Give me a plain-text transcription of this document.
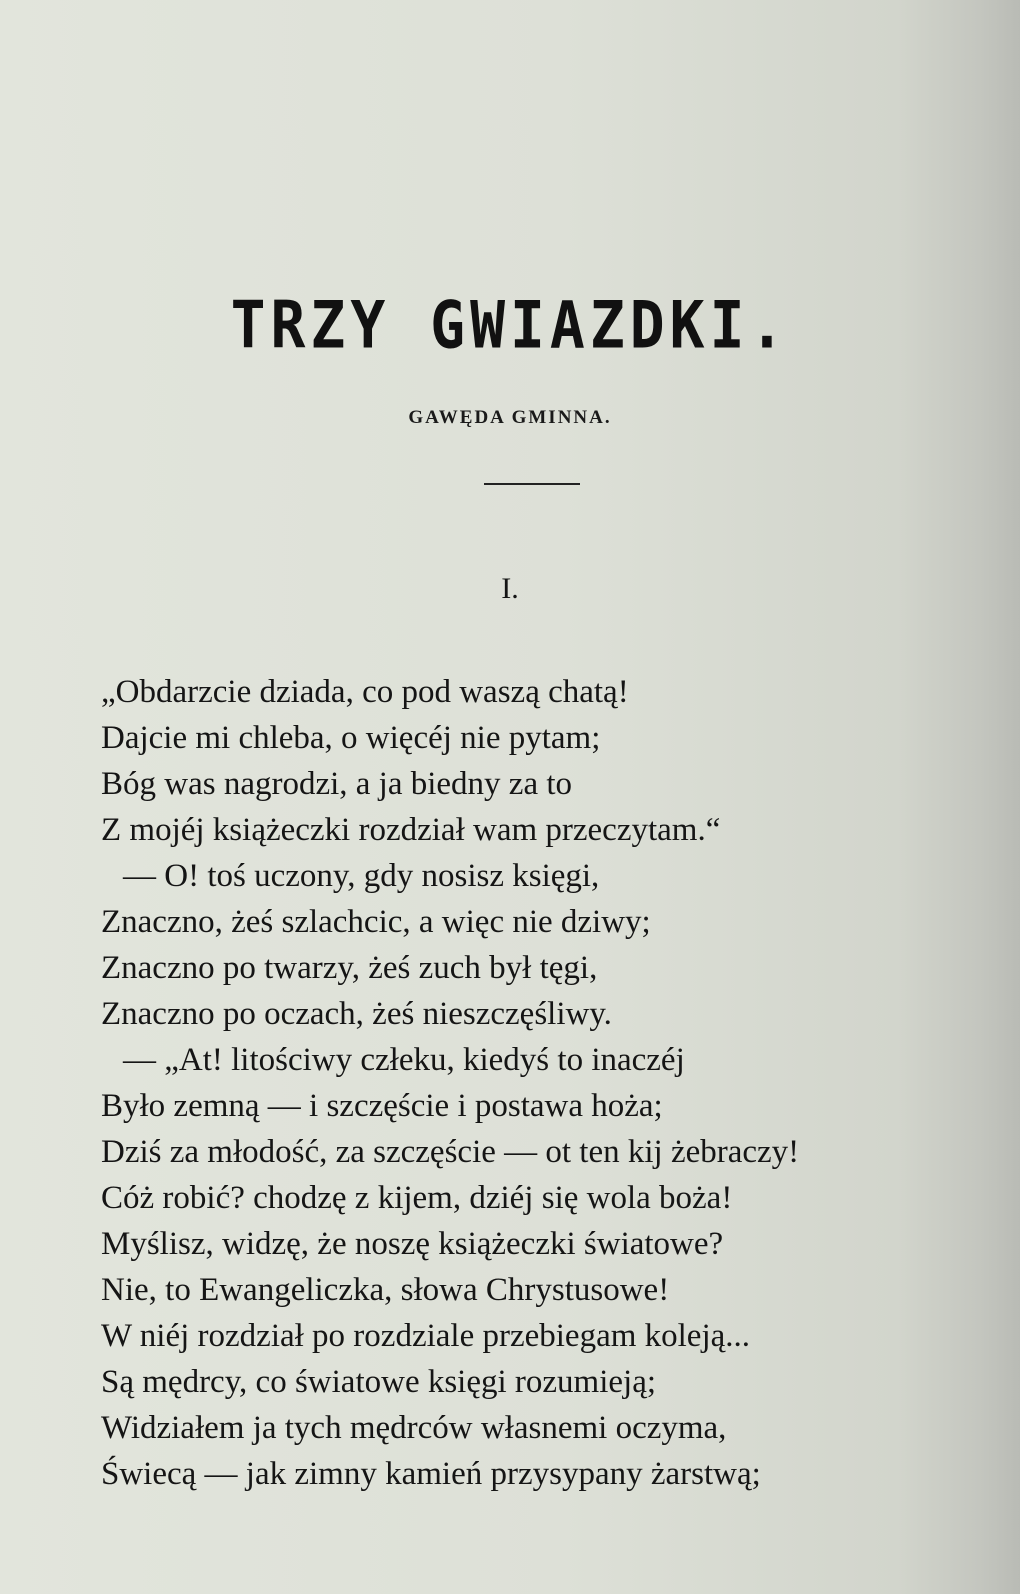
TRZY GWIAZDKI.
GAWĘDA GMINNA.
I.
„Obdarzcie dziada, co pod waszą chatą!
Dajcie mi chleba, o więcéj nie pytam;
Bóg was nagrodzi, a ja biedny za to
Z mojéj książeczki rozdział wam przeczytam.“
— O! toś uczony, gdy nosisz księgi,
Znaczno, żeś szlachcic, a więc nie dziwy;
Znaczno po twarzy, żeś zuch był tęgi,
Znaczno po oczach, żeś nieszczęśliwy.
— „At! litościwy człeku, kiedyś to inaczéj
Było zemną — i szczęście i postawa hoża;
Dziś za młodość, za szczęście — ot ten kij żebraczy!
Cóż robić? chodzę z kijem, dziéj się wola boża!
Myślisz, widzę, że noszę książeczki światowe?
Nie, to Ewangeliczka, słowa Chrystusowe!
W niéj rozdział po rozdziale przebiegam koleją...
Są mędrcy, co światowe księgi rozumieją;
Widziałem ja tych mędrców własnemi oczyma,
Świecą — jak zimny kamień przysypany żarstwą;
